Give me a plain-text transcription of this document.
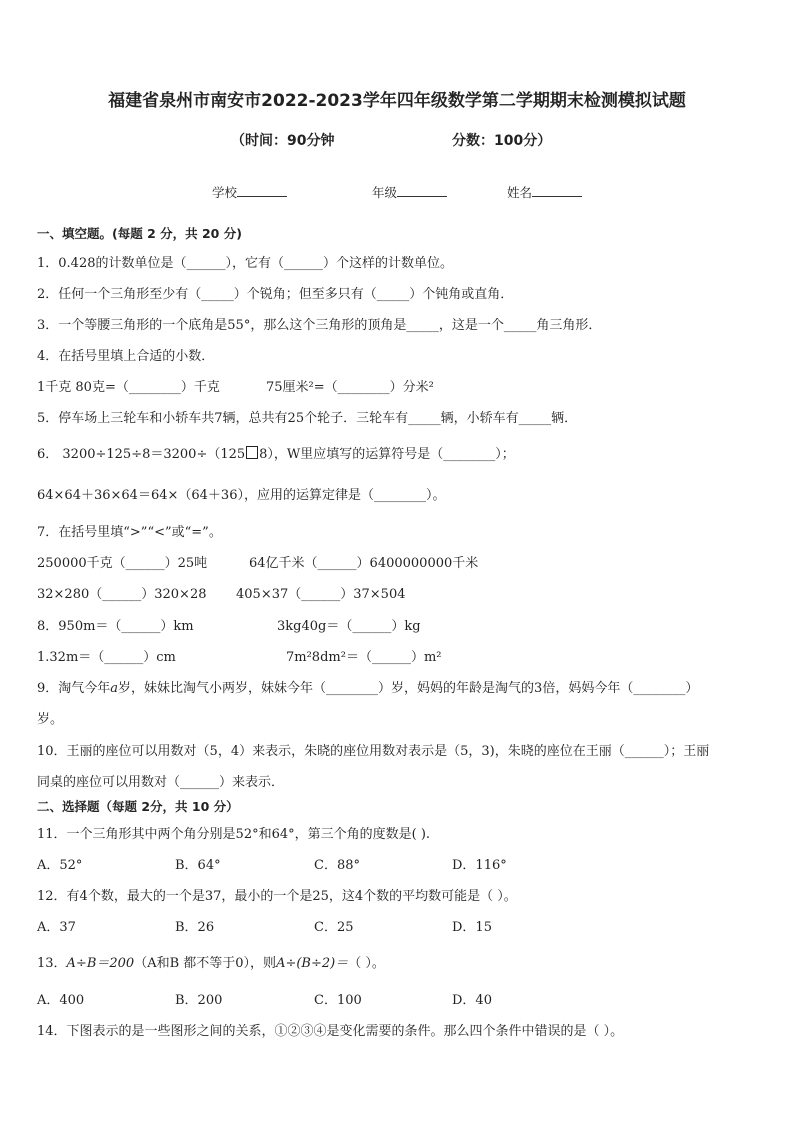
福建省泉州市南安市2022-2023学年四年级数学第二学期期末检测模拟试题
（时间：90分钟	分数：100分）
学校	年级	姓名
一、填空题。(每题 2 分，共 20 分)
1．0.428的计数单位是（______），它有（______）个这样的计数单位。
2．任何一个三角形至少有（_____）个锐角；但至多只有（_____）个钝角或直角．
3．一个等腰三角形的一个底角是55°，那么这个三角形的顶角是_____，这是一个_____角三角形．
4．在括号里填上合适的小数．
1千克 80克=（________）千克	75厘米²=（________）分米²
5．停车场上三轮车和小轿车共7辆，总共有25个轮子．三轮车有_____辆，小轿车有_____辆．
6． 3200÷125÷8＝3200÷（125 8），W里应填写的运算符号是（________）；
64×64＋36×64＝64×（64＋36），应用的运算定律是（________）。
7．在括号里填“>”“<”或“=”。
250000千克（______）25吨	64亿千米（______）6400000000千米
32×280（______）320×28 405×37（______）37×504
8．950m＝（______）km	3kg40g＝（______）kg
1.32m＝（______）cm	7m²8dm²＝（______）m²
9．淘气今年a岁，妹妹比淘气小两岁，妹妹今年（________）岁，妈妈的年龄是淘气的3倍，妈妈今年（________）
岁。
10．王丽的座位可以用数对（5，4）来表示，朱晓的座位用数对表示是（5，3)，朱晓的座位在王丽（______）；王丽
同桌的座位可以用数对（______）来表示．
二、选择题（每题 2分，共 10 分）
11．一个三角形其中两个角分别是52°和64°，第三个角的度数是( ).
A．52°	B．64°	C．88°	D．116°
12．有4个数，最大的一个是37，最小的一个是25，这4个数的平均数可能是（ ）。
A．37	B．26	C．25	D．15
13．A÷B＝200（A和B 都不等于0），则A÷(B÷2)＝（ ）。
A．400	B．200	C．100	D．40
14．下图表示的是一些图形之间的关系，①②③④是变化需要的条件。那么四个条件中错误的是（ ）。
